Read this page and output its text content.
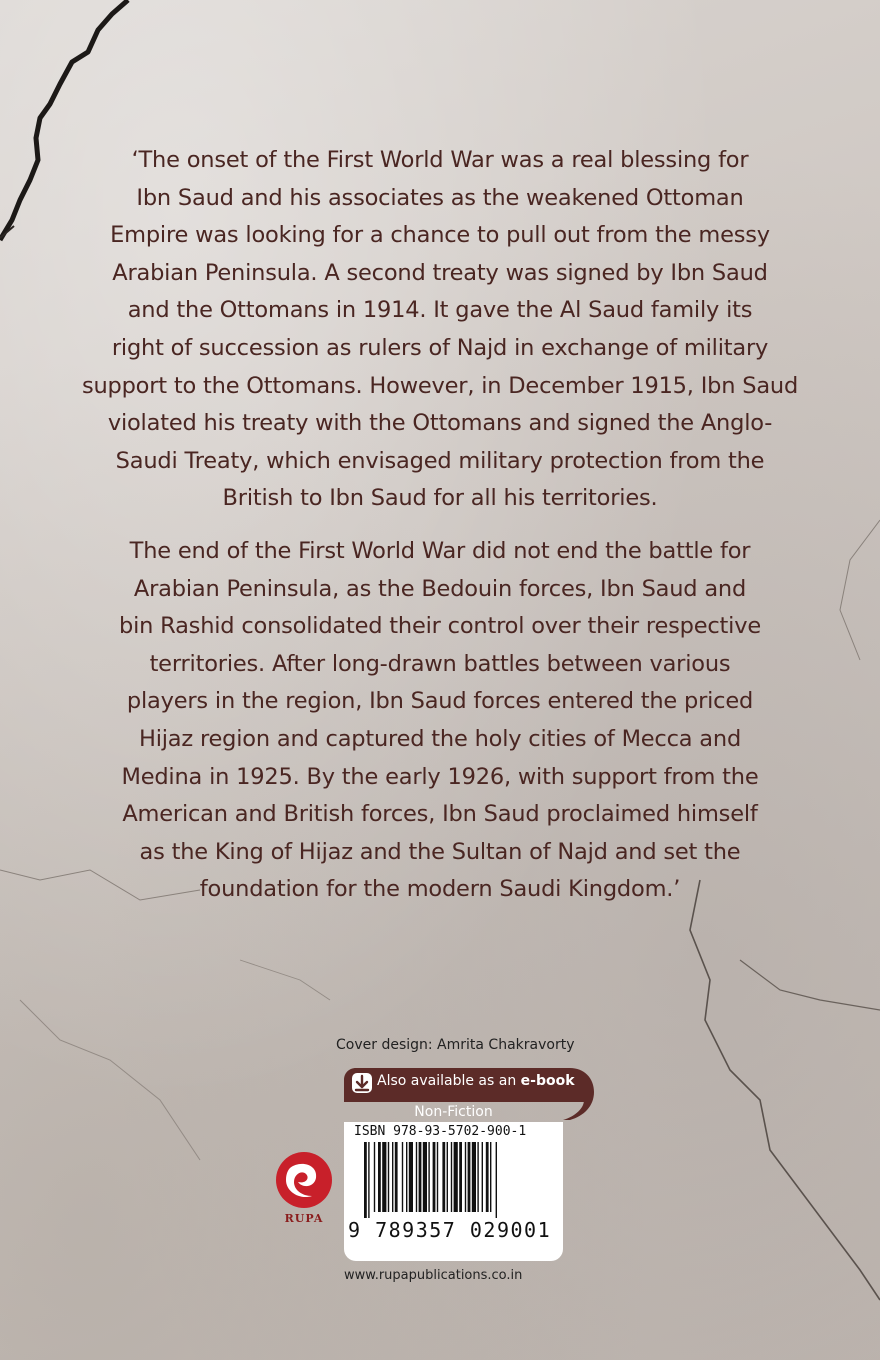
‘The onset of the First World War was a real blessing for
Ibn Saud and his associates as the weakened Ottoman
Empire was looking for a chance to pull out from the messy
Arabian Peninsula. A second treaty was signed by Ibn Saud
and the Ottomans in 1914. It gave the Al Saud family its
right of succession as rulers of Najd in exchange of military
support to the Ottomans. However, in December 1915, Ibn Saud
violated his treaty with the Ottomans and signed the Anglo-
Saudi Treaty, which envisaged military protection from the
British to Ibn Saud for all his territories.

The end of the First World War did not end the battle for
Arabian Peninsula, as the Bedouin forces, Ibn Saud and
bin Rashid consolidated their control over their respective
territories. After long-drawn battles between various
players in the region, Ibn Saud forces entered the priced
Hijaz region and captured the holy cities of Mecca and
Medina in 1925. By the early 1926, with support from the
American and British forces, Ibn Saud proclaimed himself
as the King of Hijaz and the Sultan of Najd and set the
foundation for the modern Saudi Kingdom.’

Cover design: Amrita Chakravorty
Also available as an e-book
Non-Fiction
ISBN 978-93-5702-900-1
9 789357 029001
RUPA
www.rupapublications.co.in
